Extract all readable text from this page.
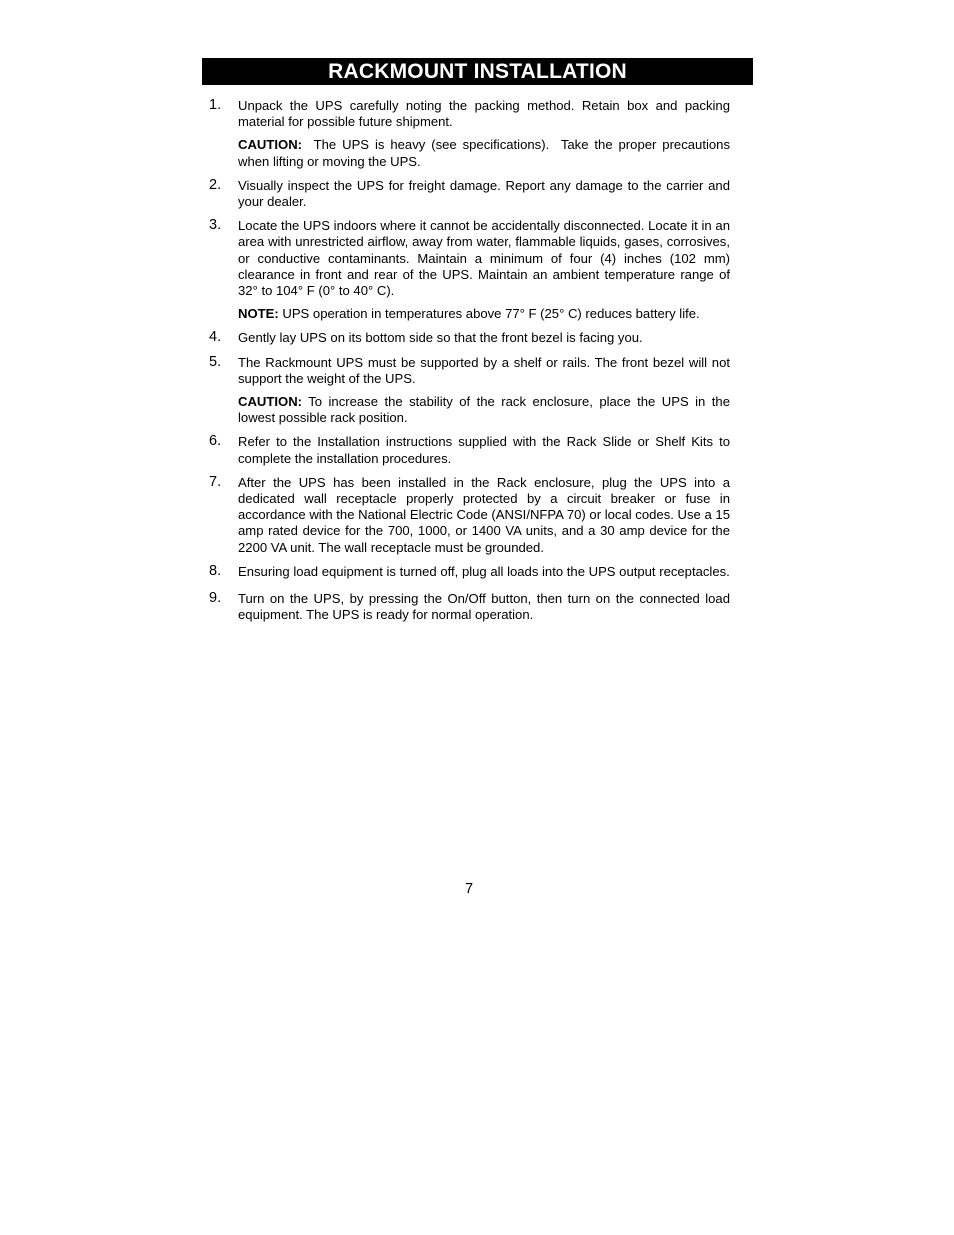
RACKMOUNT INSTALLATION
1. Unpack the UPS carefully noting the packing method. Retain box and packing material for possible future shipment.

CAUTION:  The UPS is heavy (see specifications).  Take the proper precautions when lifting or moving the UPS.

2. Visually inspect the UPS for freight damage. Report any damage to the carrier and your dealer.

3. Locate the UPS indoors where it cannot be accidentally disconnected. Locate it in an area with unrestricted airflow, away from water, flammable liquids, gases, corrosives, or conductive contaminants. Maintain a minimum of four (4) inches (102 mm) clearance in front and rear of the UPS. Maintain an ambient temperature range of 32° to 104° F (0° to 40° C).

NOTE: UPS operation in temperatures above 77° F (25° C) reduces battery life.

4. Gently lay UPS on its bottom side so that the front bezel is facing you.

5. The Rackmount UPS must be supported by a shelf or rails. The front bezel will not support the weight of the UPS.

CAUTION: To increase the stability of the rack enclosure, place the UPS in the lowest possible rack position.

6. Refer to the Installation instructions supplied with the Rack Slide or Shelf Kits to complete the installation procedures.

7. After the UPS has been installed in the Rack enclosure, plug the UPS into a dedicated wall receptacle properly protected by a circuit breaker or fuse in accordance with the National Electric Code (ANSI/NFPA 70) or local codes. Use a 15 amp rated device for the 700, 1000, or 1400 VA units, and a 30 amp device for the 2200 VA unit. The wall receptacle must be grounded.

8. Ensuring load equipment is turned off, plug all loads into the UPS output receptacles.

9. Turn on the UPS, by pressing the On/Off button, then turn on the connected load equipment. The UPS is ready for normal operation.

7
